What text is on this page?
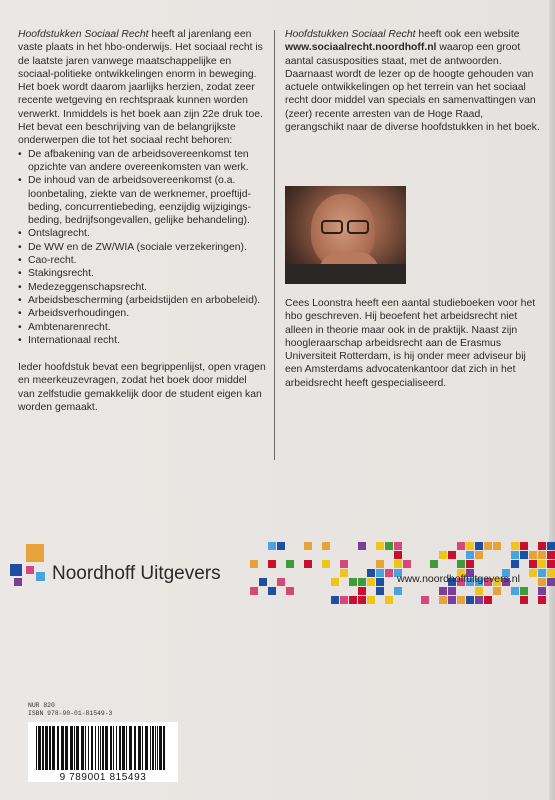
Hoofdstukken Sociaal Recht heeft al jarenlang een vaste plaats in het hbo-onderwijs. Het sociaal recht is de laatste jaren vanwege maatschappelijke en sociaal-politieke ontwikkelingen enorm in beweging. Het boek wordt daarom jaarlijks herzien, zodat zeer recente wetgeving en rechtspraak kunnen worden verwerkt. Inmiddels is het boek aan zijn 22e druk toe. Het bevat een beschrijving van de belangrijkste onderwerpen die tot het sociaal recht behoren:

• De afbakening van de arbeidsovereenkomst ten opzichte van andere overeenkomsten van werk.
• De inhoud van de arbeidsovereenkomst (o.a. loonbetaling, ziekte van de werknemer, proeftijd-beding, concurrentiebeding, eenzijdig wijzigings-beding, bedrijfsongevallen, gelijke behandeling).
• Ontslagrecht.
• De WW en de ZW/WIA (sociale verzekeringen).
• Cao-recht.
• Stakingsrecht.
• Medezeggenschapsrecht.
• Arbeidsbescherming (arbeidstijden en arbobeleid).
• Arbeidsverhoudingen.
• Ambtenarenrecht.
• Internationaal recht.

Ieder hoofdstuk bevat een begrippenlijst, open vragen en meerkeuzevragen, zodat het boek door middel van zelfstudie gemakkelijk door de student eigen kan worden gemaakt.

Hoofdstukken Sociaal Recht heeft ook een website www.sociaalrecht.noordhoff.nl waarop een groot aantal casusposities staat, met de antwoorden. Daarnaast wordt de lezer op de hoogte gehouden van actuele ontwikkelingen op het terrein van het sociaal recht door middel van specials en samenvattingen van (zeer) recente arresten van de Hoge Raad, gerangschikt naar de diverse hoofdstukken in het boek.

Cees Loonstra heeft een aantal studieboeken voor het hbo geschreven. Hij beoefent het arbeidsrecht niet alleen in theorie maar ook in de praktijk. Naast zijn hoogleraarschap arbeidsrecht aan de Erasmus Universiteit Rotterdam, is hij onder meer adviseur bij een Amsterdams advocatenkantoor dat zich in het arbeidsrecht heeft gespecialiseerd.

Noordhoff Uitgevers	www.noordhoffuitgevers.nl
NUR 820
ISBN 978-90-01-81549-3
9 789001 815493
